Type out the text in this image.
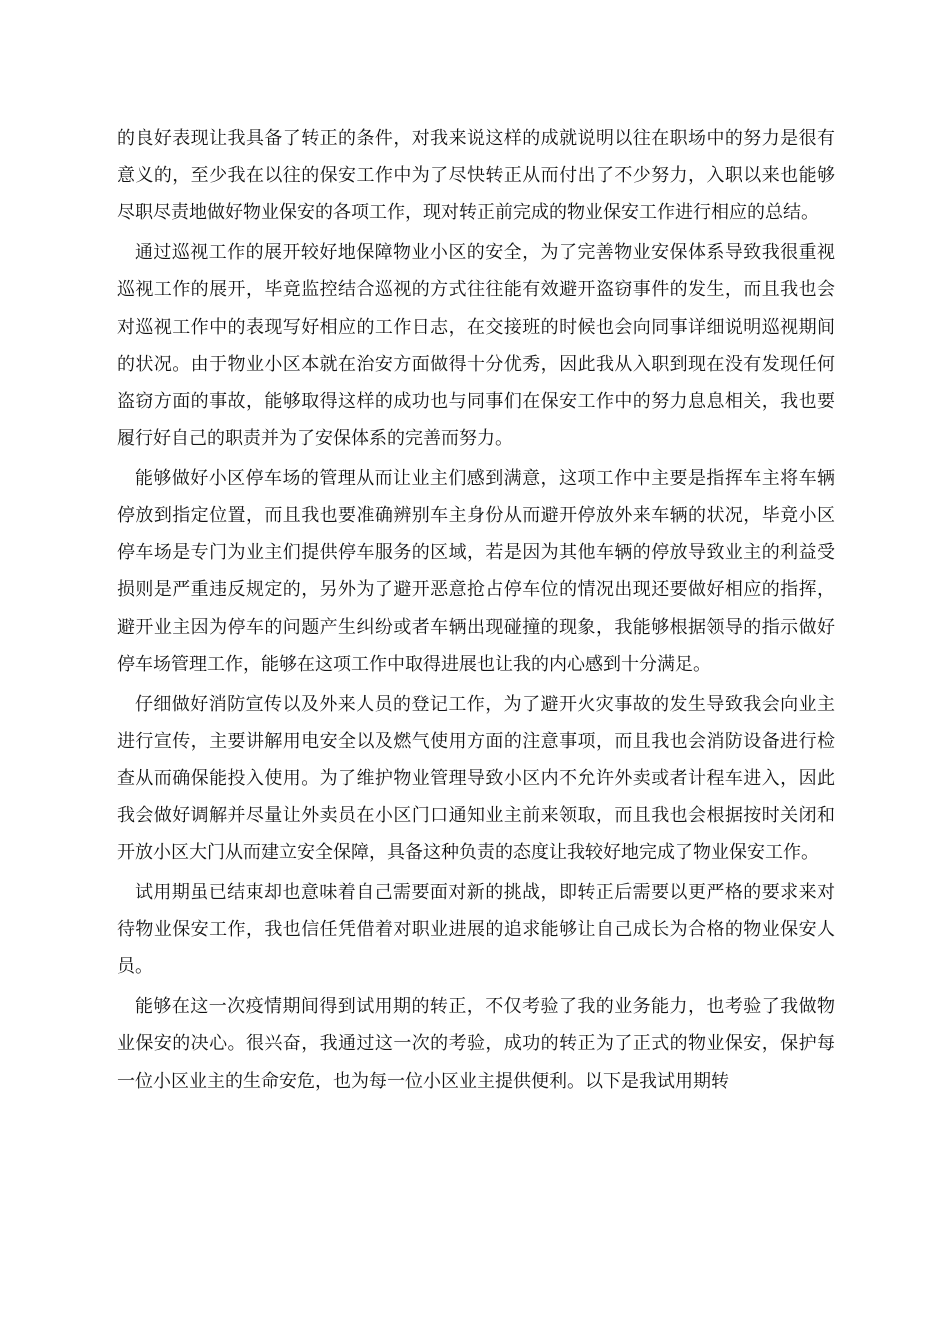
的良好表现让我具备了转正的条件，对我来说这样的成就说明以往在职场中的努力是很有意义的，至少我在以往的保安工作中为了尽快转正从而付出了不少努力，入职以来也能够尽职尽责地做好物业保安的各项工作，现对转正前完成的物业保安工作进行相应的总结。

通过巡视工作的展开较好地保障物业小区的安全，为了完善物业安保体系导致我很重视巡视工作的展开，毕竟监控结合巡视的方式往往能有效避开盗窃事件的发生，而且我也会对巡视工作中的表现写好相应的工作日志，在交接班的时候也会向同事详细说明巡视期间的状况。由于物业小区本就在治安方面做得十分优秀，因此我从入职到现在没有发现任何盗窃方面的事故，能够取得这样的成功也与同事们在保安工作中的努力息息相关，我也要履行好自己的职责并为了安保体系的完善而努力。

能够做好小区停车场的管理从而让业主们感到满意，这项工作中主要是指挥车主将车辆停放到指定位置，而且我也要准确辨别车主身份从而避开停放外来车辆的状况，毕竟小区停车场是专门为业主们提供停车服务的区域，若是因为其他车辆的停放导致业主的利益受损则是严重违反规定的，另外为了避开恶意抢占停车位的情况出现还要做好相应的指挥，避开业主因为停车的问题产生纠纷或者车辆出现碰撞的现象，我能够根据领导的指示做好停车场管理工作，能够在这项工作中取得进展也让我的内心感到十分满足。

仔细做好消防宣传以及外来人员的登记工作，为了避开火灾事故的发生导致我会向业主进行宣传，主要讲解用电安全以及燃气使用方面的注意事项，而且我也会消防设备进行检查从而确保能投入使用。为了维护物业管理导致小区内不允许外卖或者计程车进入，因此我会做好调解并尽量让外卖员在小区门口通知业主前来领取，而且我也会根据按时关闭和开放小区大门从而建立安全保障，具备这种负责的态度让我较好地完成了物业保安工作。

试用期虽已结束却也意味着自己需要面对新的挑战，即转正后需要以更严格的要求来对待物业保安工作，我也信任凭借着对职业进展的追求能够让自己成长为合格的物业保安人员。

能够在这一次疫情期间得到试用期的转正，不仅考验了我的业务能力，也考验了我做物业保安的决心。很兴奋，我通过这一次的考验，成功的转正为了正式的物业保安，保护每一位小区业主的生命安危，也为每一位小区业主提供便利。以下是我试用期转
